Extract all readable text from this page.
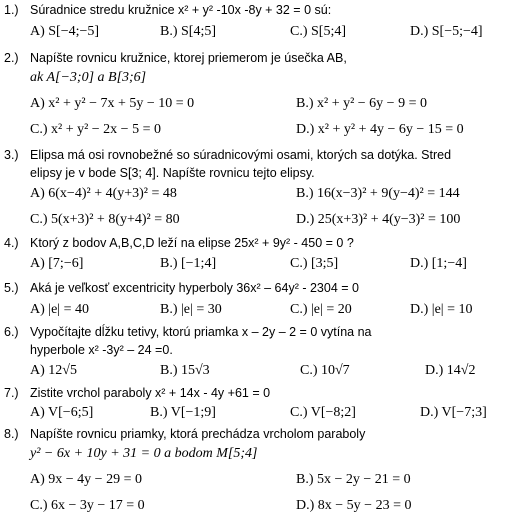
1.) Súradnice stredu kružnice x² + y² -10x -8y + 32 = 0 sú:
A) S[−4;−5]	B.) S[4;5]	C.) S[5;4]	D.) S[−5;−4]
2.) Napíšte rovnicu kružnice, ktorej priemerom je úsečka AB,
ak A[−3;0] a B[3;6]
A) x² + y² − 7x + 5y − 10 = 0	B.) x² + y² − 6y − 9 = 0
C.) x² + y² − 2x − 5 = 0	D.) x² + y² + 4y − 6y − 15 = 0
3.) Elipsa má osi rovnobežné so súradnicovými osami, ktorých sa dotýka. Stred
elipsy je v bode S[3; 4]. Napíšte rovnicu tejto elipsy.
A) 6(x−4)² + 4(y+3)² = 48	B.) 16(x−3)² + 9(y−4)² = 144
C.) 5(x+3)² + 8(y+4)² = 80	D.) 25(x+3)² + 4(y−3)² = 100
4.) Ktorý z bodov A,B,C,D leží na elipse 25x² + 9y² - 450 = 0 ?
A) [7;−6]	B.) [−1;4]	C.) [3;5]	D.) [1;−4]
5.) Aká je veľkosť excentricity hyperboly 36x² – 64y² - 2304 = 0
A) |e| = 40	B.) |e| = 30	C.) |e| = 20	D.) |e| = 10
6.) Vypočítajte dĺžku tetivy, ktorú priamka x – 2y – 2 = 0 vytína na
hyperbole x² -3y² – 24 =0.
A) 12√5	B.) 15√3	C.) 10√7	D.) 14√2
7.) Zistite vrchol paraboly x² + 14x - 4y +61 = 0
A) V[−6;5]	B.) V[−1;9]	C.) V[−8;2]	D.) V[−7;3]
8.) Napíšte rovnicu priamky, ktorá prechádza vrcholom paraboly
y² − 6x + 10y + 31 = 0 a bodom M[5;4]
A) 9x − 4y − 29 = 0	B.) 5x − 2y − 21 = 0
C.) 6x − 3y − 17 = 0	D.) 8x − 5y − 23 = 0
